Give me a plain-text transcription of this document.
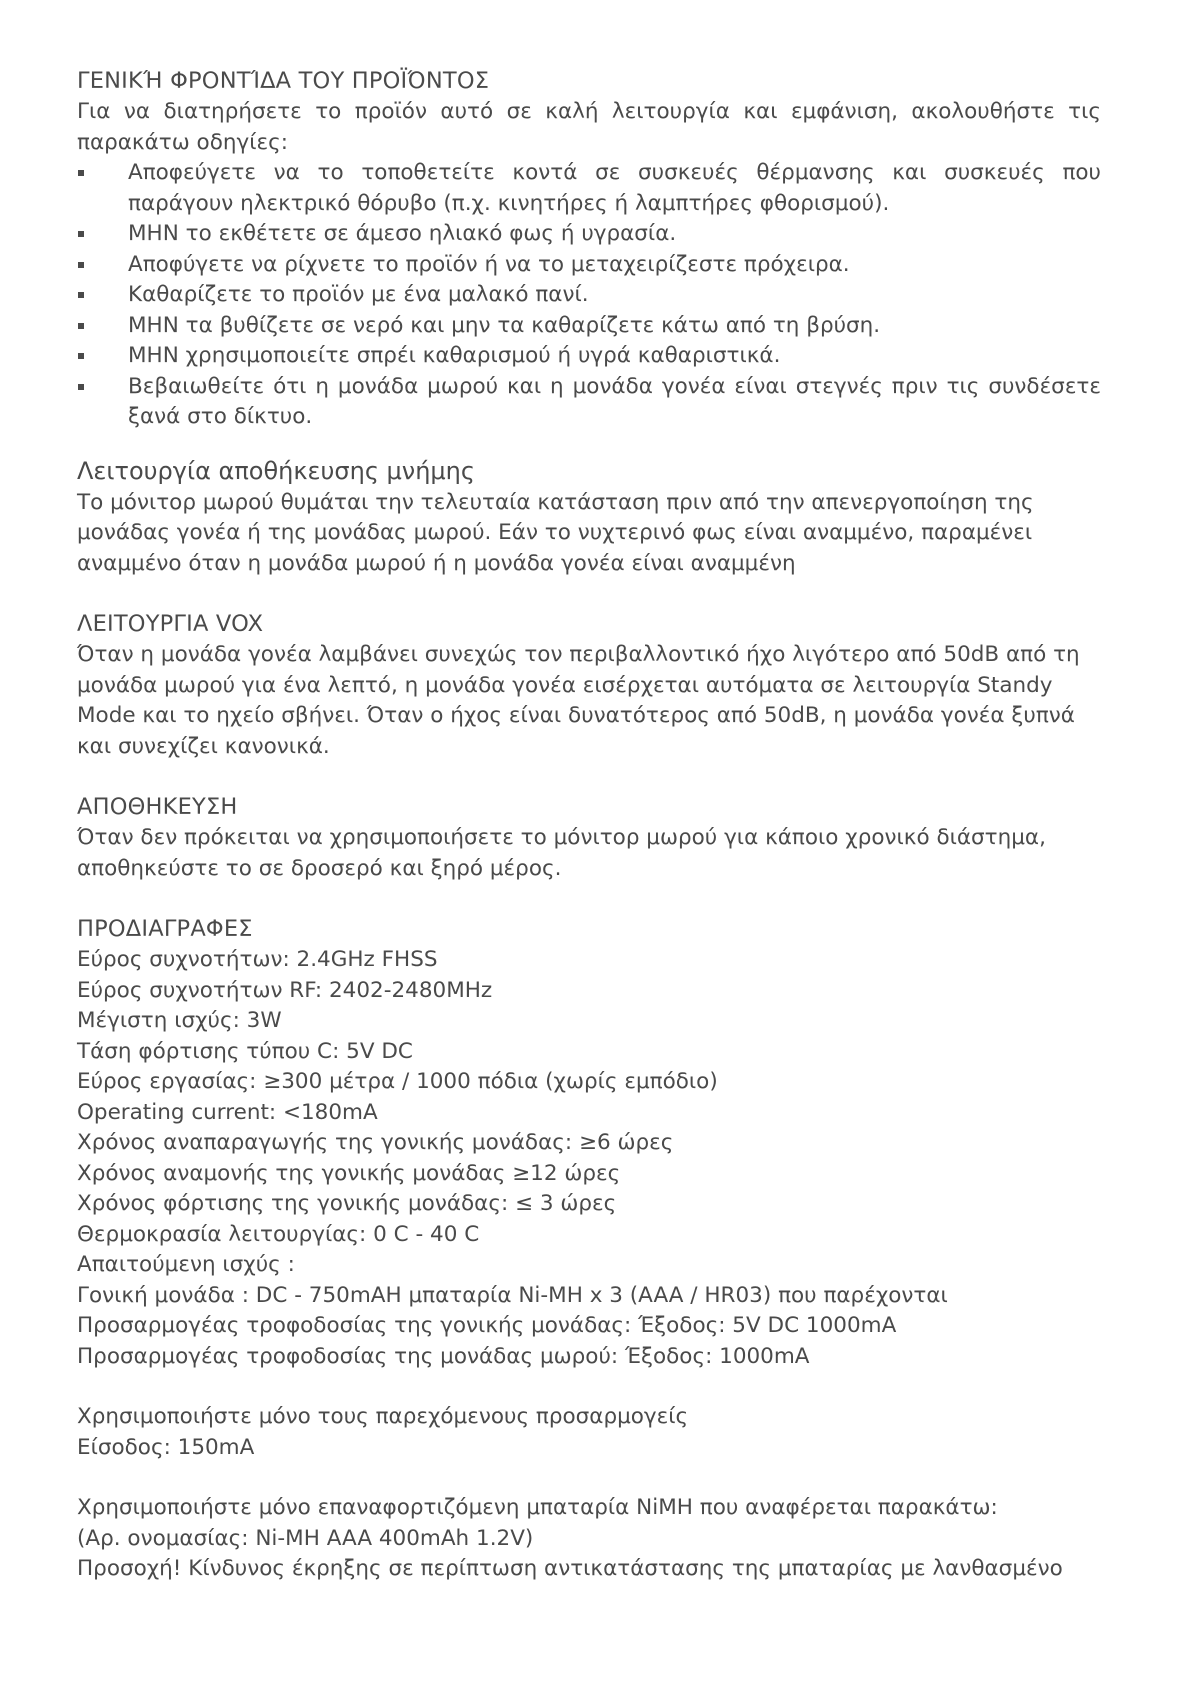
ΓΕΝΙΚΉ ΦΡΟΝΤΊΔΑ ΤΟΥ ΠΡΟΪΌΝΤΟΣ
Για να διατηρήσετε το προϊόν αυτό σε καλή λειτουργία και εμφάνιση, ακολουθήστε τις παρακάτω οδηγίες:
Αποφεύγετε να το τοποθετείτε κοντά σε συσκευές θέρμανσης και συσκευές που παράγουν ηλεκτρικό θόρυβο (π.χ. κινητήρες ή λαμπτήρες φθορισμού).
ΜΗΝ το εκθέτετε σε άμεσο ηλιακό φως ή υγρασία.
Αποφύγετε να ρίχνετε το προϊόν ή να το μεταχειρίζεστε πρόχειρα.
Καθαρίζετε το προϊόν με ένα μαλακό πανί.
ΜΗΝ τα βυθίζετε σε νερό και μην τα καθαρίζετε κάτω από τη βρύση.
ΜΗΝ χρησιμοποιείτε σπρέι καθαρισμού ή υγρά καθαριστικά.
Βεβαιωθείτε ότι η μονάδα μωρού και η μονάδα γονέα είναι στεγνές πριν τις συνδέσετε ξανά στο δίκτυο.
Λειτουργία αποθήκευσης μνήμης
Το μόνιτορ μωρού θυμάται την τελευταία κατάσταση πριν από την απενεργοποίηση της μονάδας γονέα ή της μονάδας μωρού. Εάν το νυχτερινό φως είναι αναμμένο, παραμένει αναμμένο όταν η μονάδα μωρού ή η μονάδα γονέα είναι αναμμένη
ΛΕΙΤΟΥΡΓΙΑ VOX
Όταν η μονάδα γονέα λαμβάνει συνεχώς τον περιβαλλοντικό ήχο λιγότερο από 50dB από τη μονάδα μωρού για ένα λεπτό, η μονάδα γονέα εισέρχεται αυτόματα σε λειτουργία Standy Mode και το ηχείο σβήνει. Όταν ο ήχος είναι δυνατότερος από 50dB, η μονάδα γονέα ξυπνά και συνεχίζει κανονικά.
ΑΠΟΘΗΚΕΥΣΗ
Όταν δεν πρόκειται να χρησιμοποιήσετε το μόνιτορ μωρού για κάποιο χρονικό διάστημα, αποθηκεύστε το σε δροσερό και ξηρό μέρος.
ΠΡΟΔΙΑΓΡΑΦΕΣ
Εύρος συχνοτήτων: 2.4GHz FHSS
Εύρος συχνοτήτων RF: 2402-2480MHz
Μέγιστη ισχύς: 3W
Τάση φόρτισης τύπου C: 5V DC
Εύρος εργασίας: ≥300 μέτρα / 1000 πόδια (χωρίς εμπόδιο)
Operating current: <180mA
Χρόνος αναπαραγωγής της γονικής μονάδας: ≥6 ώρες
Χρόνος αναμονής της γονικής μονάδας ≥12 ώρες
Χρόνος φόρτισης της γονικής μονάδας: ≤ 3 ώρες
Θερμοκρασία λειτουργίας: 0 C - 40 C
Απαιτούμενη ισχύς :
Γονική μονάδα : DC - 750mAH μπαταρία Ni-MH x 3 (AAA / HR03) που παρέχονται
Προσαρμογέας τροφοδοσίας της γονικής μονάδας: Έξοδος: 5V DC 1000mA
Προσαρμογέας τροφοδοσίας της μονάδας μωρού: Έξοδος: 1000mA
Χρησιμοποιήστε μόνο τους παρεχόμενους προσαρμογείς
Είσοδος: 150mA
Χρησιμοποιήστε μόνο επαναφορτιζόμενη μπαταρία NiMH που αναφέρεται παρακάτω:
(Αρ. ονομασίας: Ni-MH AAA 400mAh 1.2V)
Προσοχή! Κίνδυνος έκρηξης σε περίπτωση αντικατάστασης της μπαταρίας με λανθασμένο
